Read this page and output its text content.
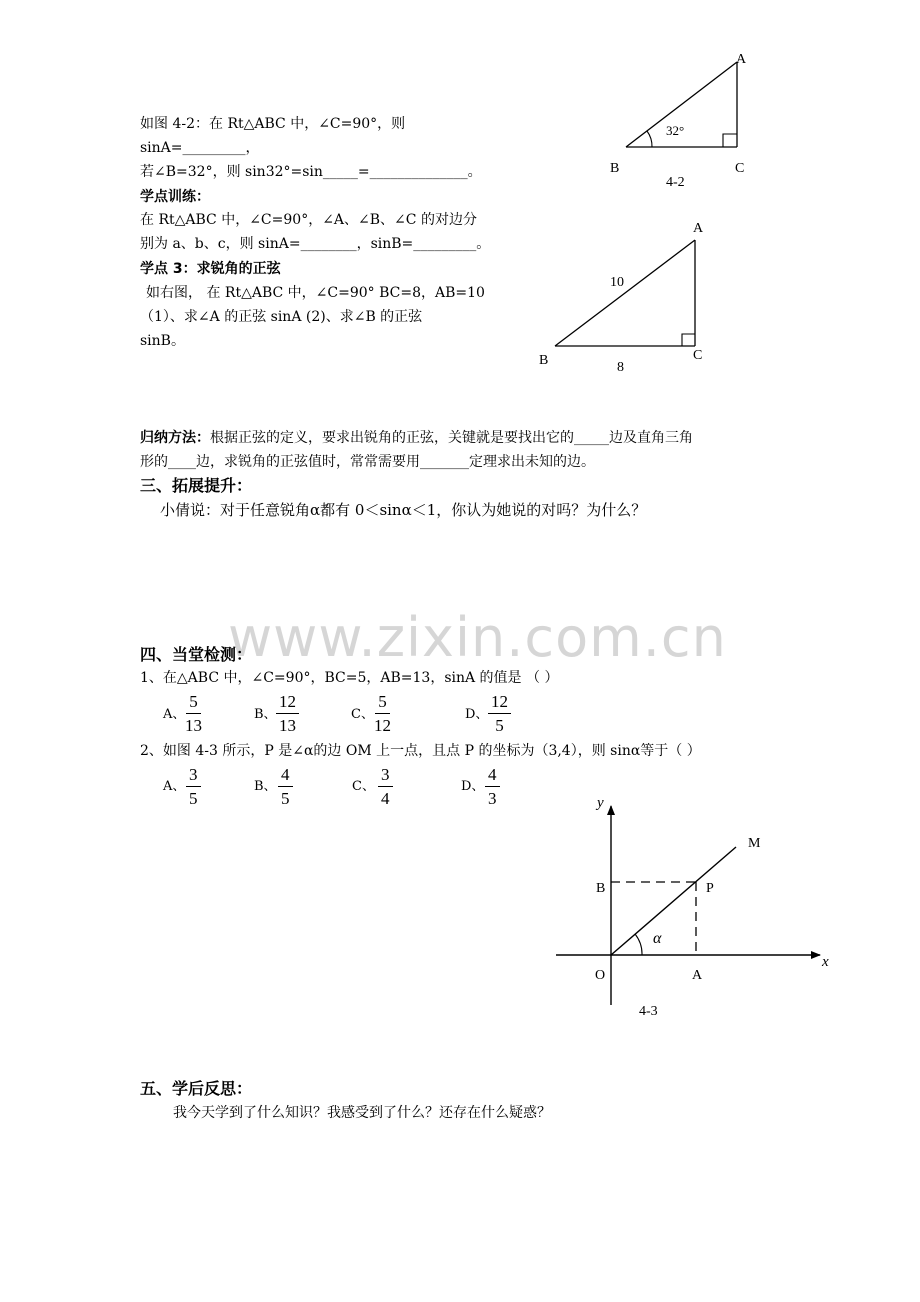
A
B	C
32°
4-2
如图 4-2：在 Rt△ABC 中，∠C=90°，则
sinA=_________，
若∠B=32°，则 sin32°=sin_____=______________。
学点训练：
在 Rt△ABC 中，∠C=90°，∠A、∠B、∠C 的对边分
别为 a、b、c，则 sinA=________，sinB=_________。
学点 3：求锐角的正弦
如右图， 在 Rt△ABC 中，∠C=90° BC=8，AB=10
（1）、求∠A 的正弦 sinA (2)、求∠B 的正弦
sinB。
A
B	C
10
8
归纳方法：根据正弦的定义，要求出锐角的正弦，关键就是要找出它的_____边及直角三角
形的____边，求锐角的正弦值时，常常需要用_______定理求出未知的边。
三、拓展提升：
小倩说：对于任意锐角α都有 0＜sinα＜1，你认为她说的对吗？为什么？
www.zixin.com.cn
四、当堂检测：
1、在△ABC 中，∠C=90°，BC=5，AB=13，sinA 的值是 （ ）
A、 $\frac{5}{13}$	B、 $\frac{12}{13}$	C、 $\frac{5}{12}$	D、 $\frac{12}{5}$
2、如图 4-3 所示，P 是∠α的边 OM 上一点，且点 P 的坐标为（3,4），则 sinα等于（ ）
A、 $\frac{3}{5}$	B、 $\frac{4}{5}$	C、 $\frac{3}{4}$	D、 $\frac{4}{3}$	y
x
M
B	P
O	A
α
4-3
五、学后反思：
我今天学到了什么知识？我感受到了什么？还存在什么疑惑？
